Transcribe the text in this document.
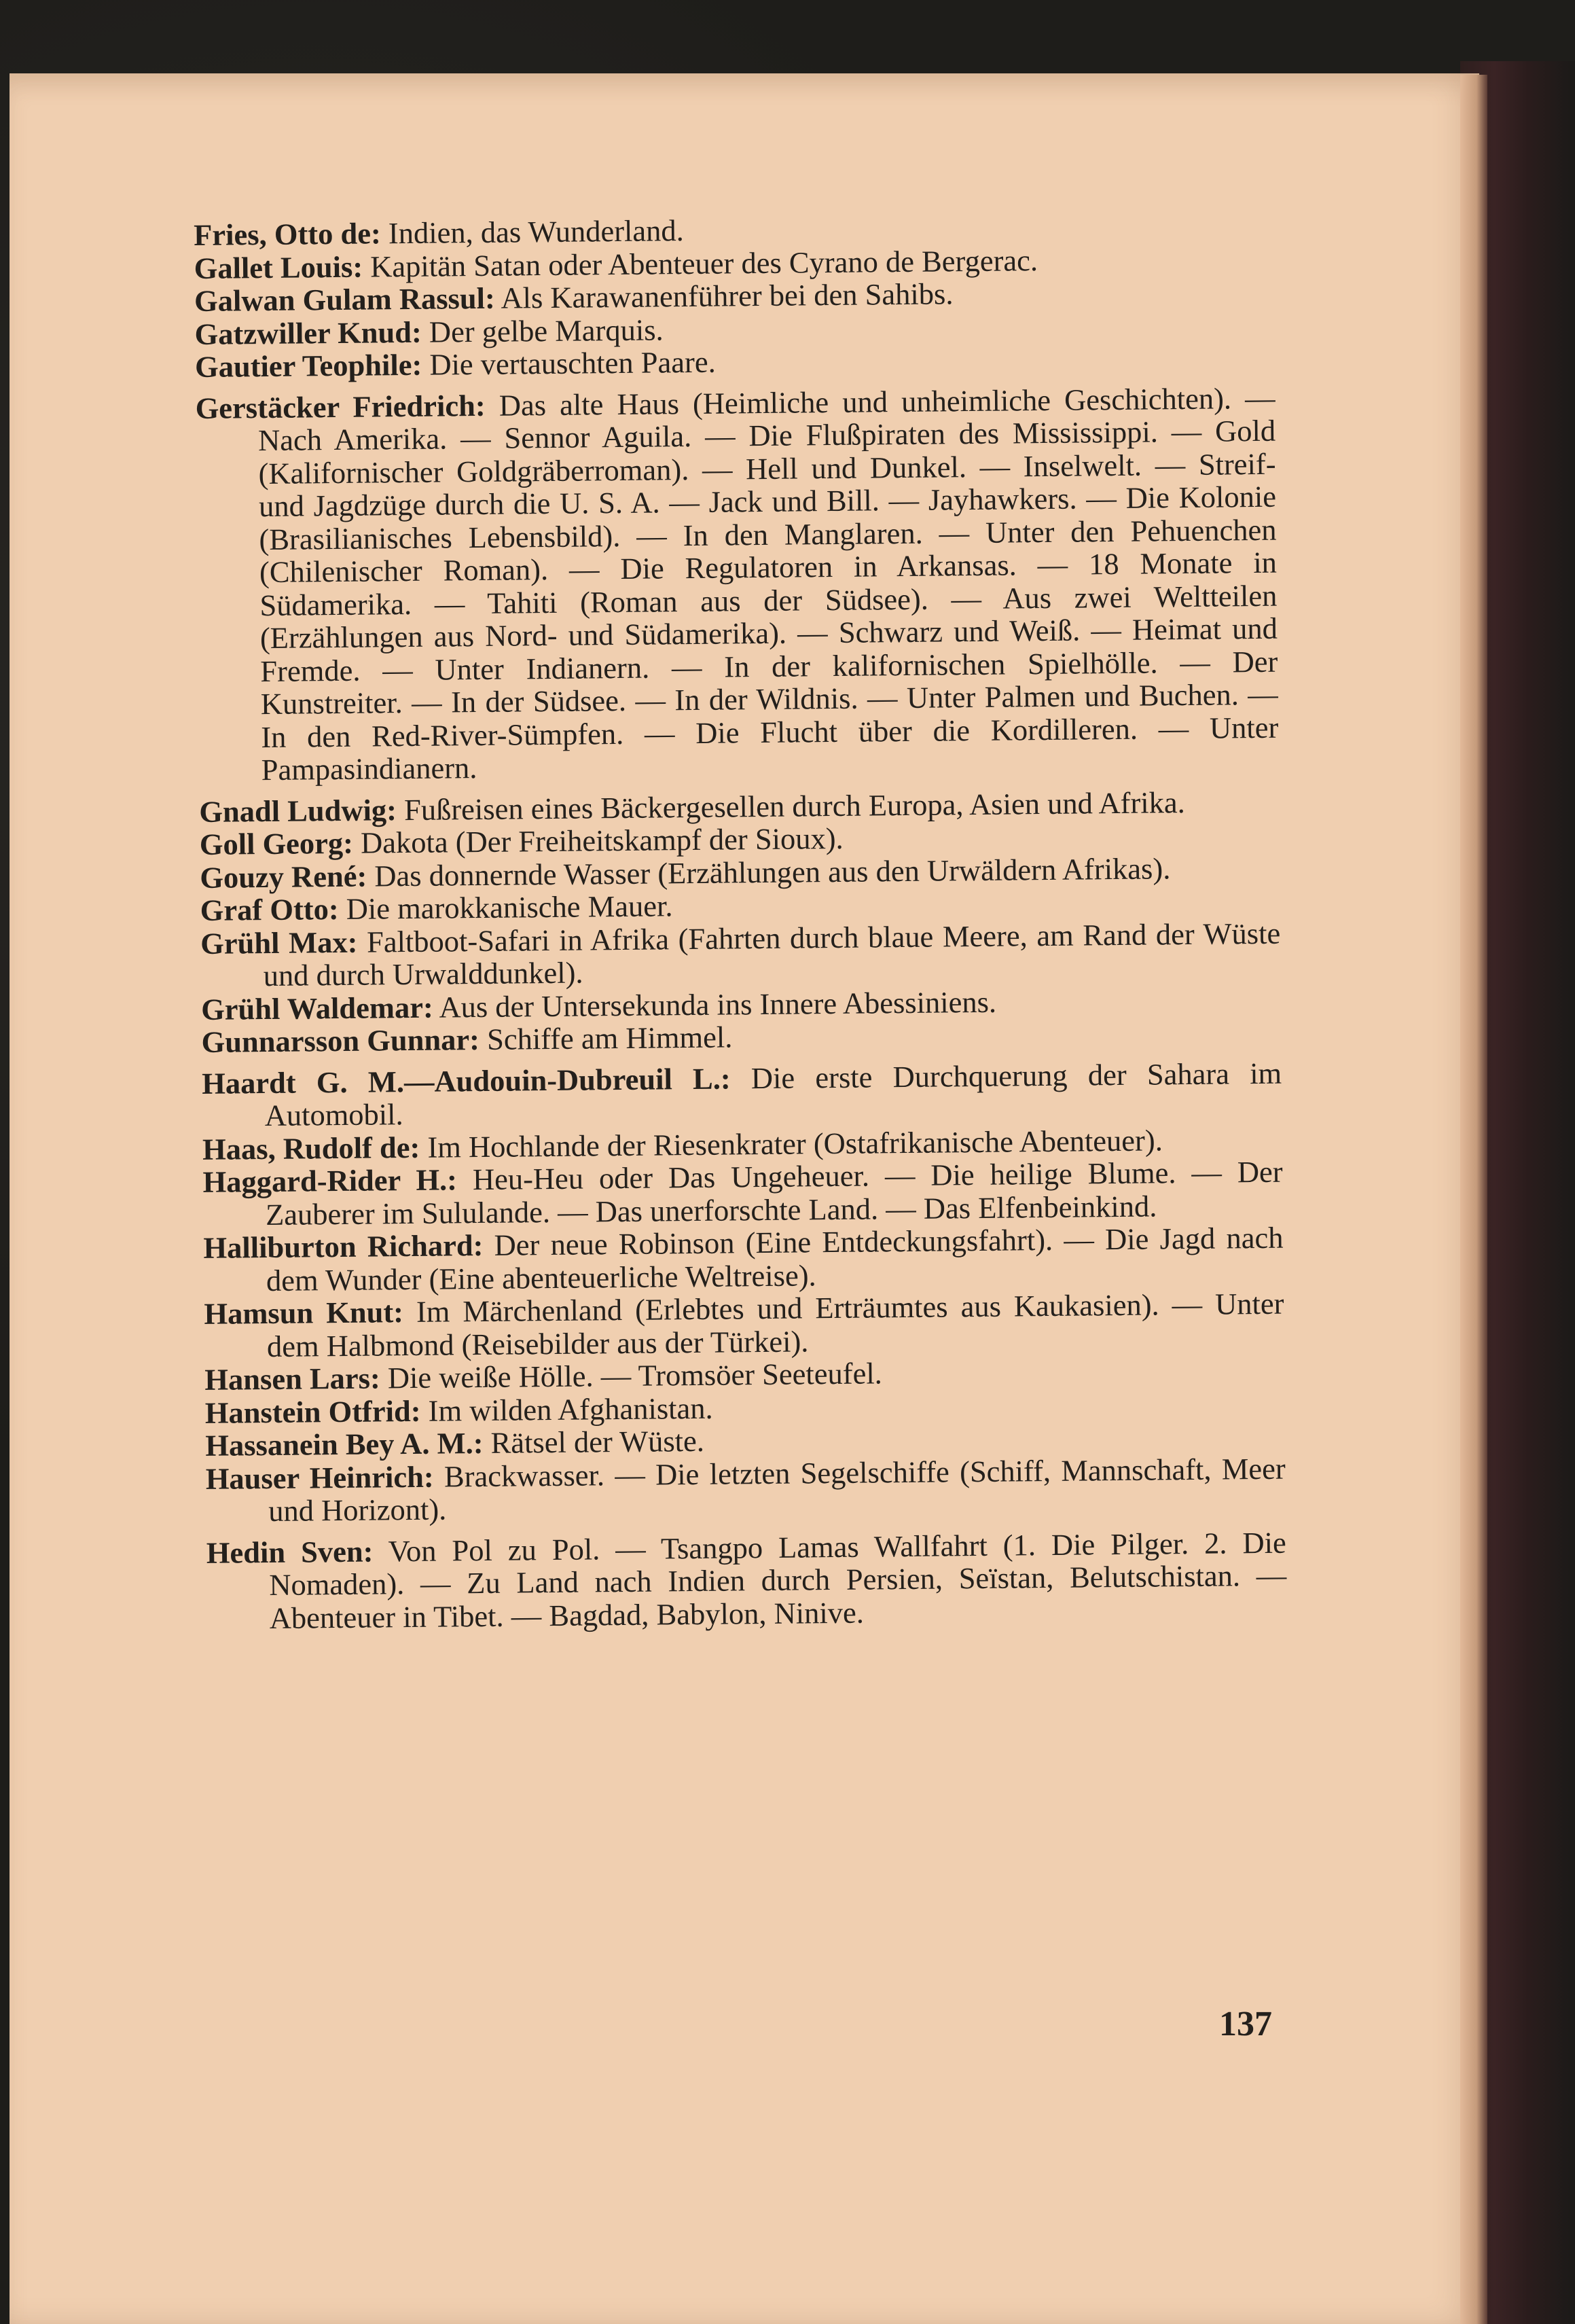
Fries, Otto de: Indien, das Wunderland.
Gallet Louis: Kapitän Satan oder Abenteuer des Cyrano de Bergerac.
Galwan Gulam Rassul: Als Karawanenführer bei den Sahibs.
Gatzwiller Knud: Der gelbe Marquis.
Gautier Teophile: Die vertauschten Paare.
Gerstäcker Friedrich: Das alte Haus (Heimliche und unheimliche Geschichten). — Nach Amerika. — Sennor Aguila. — Die Flußpiraten des Mississippi. — Gold (Kalifornischer Goldgräberroman). — Hell und Dunkel. — Inselwelt. — Streif- und Jagdzüge durch die U. S. A. — Jack und Bill. — Jayhawkers. — Die Kolonie (Brasilianisches Lebensbild). — In den Manglaren. — Unter den Pehuenchen (Chilenischer Roman). — Die Regulatoren in Arkansas. — 18 Monate in Südamerika. — Tahiti (Roman aus der Südsee). — Aus zwei Weltteilen (Erzählungen aus Nord- und Südamerika). — Schwarz und Weiß. — Heimat und Fremde. — Unter Indianern. — In der kalifornischen Spielhölle. — Der Kunstreiter. — In der Südsee. — In der Wildnis. — Unter Palmen und Buchen. — In den Red-River-Sümpfen. — Die Flucht über die Kordilleren. — Unter Pampasindianern.
Gnadl Ludwig: Fußreisen eines Bäckergesellen durch Europa, Asien und Afrika.
Goll Georg: Dakota (Der Freiheitskampf der Sioux).
Gouzy René: Das donnernde Wasser (Erzählungen aus den Urwäldern Afrikas).
Graf Otto: Die marokkanische Mauer.
Grühl Max: Faltboot-Safari in Afrika (Fahrten durch blaue Meere, am Rand der Wüste und durch Urwalddunkel).
Grühl Waldemar: Aus der Untersekunda ins Innere Abessiniens.
Gunnarsson Gunnar: Schiffe am Himmel.
Haardt G. M.—Audouin-Dubreuil L.: Die erste Durchquerung der Sahara im Automobil.
Haas, Rudolf de: Im Hochlande der Riesenkrater (Ostafrikanische Abenteuer).
Haggard-Rider H.: Heu-Heu oder Das Ungeheuer. — Die heilige Blume. — Der Zauberer im Sululande. — Das unerforschte Land. — Das Elfenbeinkind.
Halliburton Richard: Der neue Robinson (Eine Entdeckungsfahrt). — Die Jagd nach dem Wunder (Eine abenteuerliche Weltreise).
Hamsun Knut: Im Märchenland (Erlebtes und Erträumtes aus Kaukasien). — Unter dem Halbmond (Reisebilder aus der Türkei).
Hansen Lars: Die weiße Hölle. — Tromsöer Seeteufel.
Hanstein Otfrid: Im wilden Afghanistan.
Hassanein Bey A. M.: Rätsel der Wüste.
Hauser Heinrich: Brackwasser. — Die letzten Segelschiffe (Schiff, Mannschaft, Meer und Horizont).
Hedin Sven: Von Pol zu Pol. — Tsangpo Lamas Wallfahrt (1. Die Pilger. 2. Die Nomaden). — Zu Land nach Indien durch Persien, Seïstan, Belutschistan. — Abenteuer in Tibet. — Bagdad, Babylon, Ninive.
137
